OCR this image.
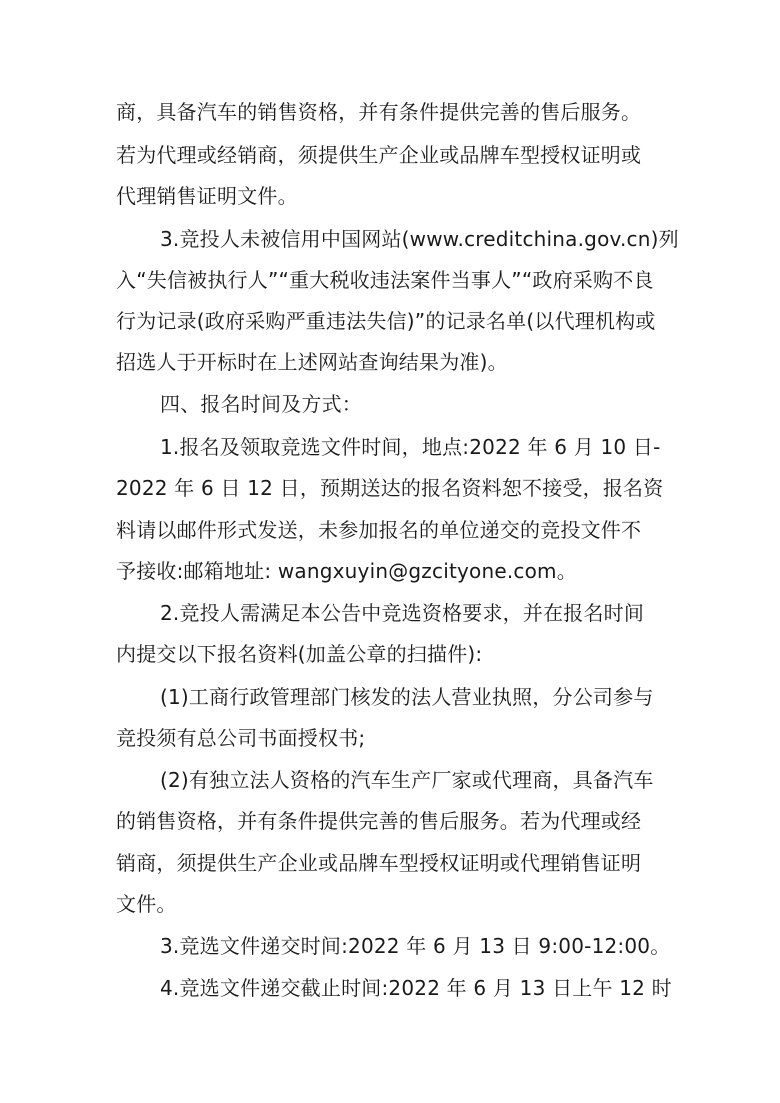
商，具备汽车的销售资格，并有条件提供完善的售后服务。
若为代理或经销商，须提供生产企业或品牌车型授权证明或
代理销售证明文件。
3.竞投人未被信用中国网站(www.creditchina.gov.cn)列
入“失信被执行人”“重大税收违法案件当事人”“政府采购不良
行为记录(政府采购严重违法失信)”的记录名单(以代理机构或
招选人于开标时在上述网站查询结果为准)。
四、报名时间及方式：
1.报名及领取竞选文件时间，地点:2022 年 6 月 10 日-
2022 年 6 日 12 日，预期送达的报名资料恕不接受，报名资
料请以邮件形式发送，未参加报名的单位递交的竞投文件不
予接收:邮箱地址: wangxuyin@gzcityone.com。
2.竞投人需满足本公告中竞选资格要求，并在报名时间
内提交以下报名资料(加盖公章的扫描件):
(1)工商行政管理部门核发的法人营业执照，分公司参与
竞投须有总公司书面授权书;
(2)有独立法人资格的汽车生产厂家或代理商，具备汽车
的销售资格，并有条件提供完善的售后服务。若为代理或经
销商，须提供生产企业或品牌车型授权证明或代理销售证明
文件。
3.竞选文件递交时间:2022 年 6 月 13 日 9:00-12:00。
4.竞选文件递交截止时间:2022 年 6 月 13 日上午 12 时
